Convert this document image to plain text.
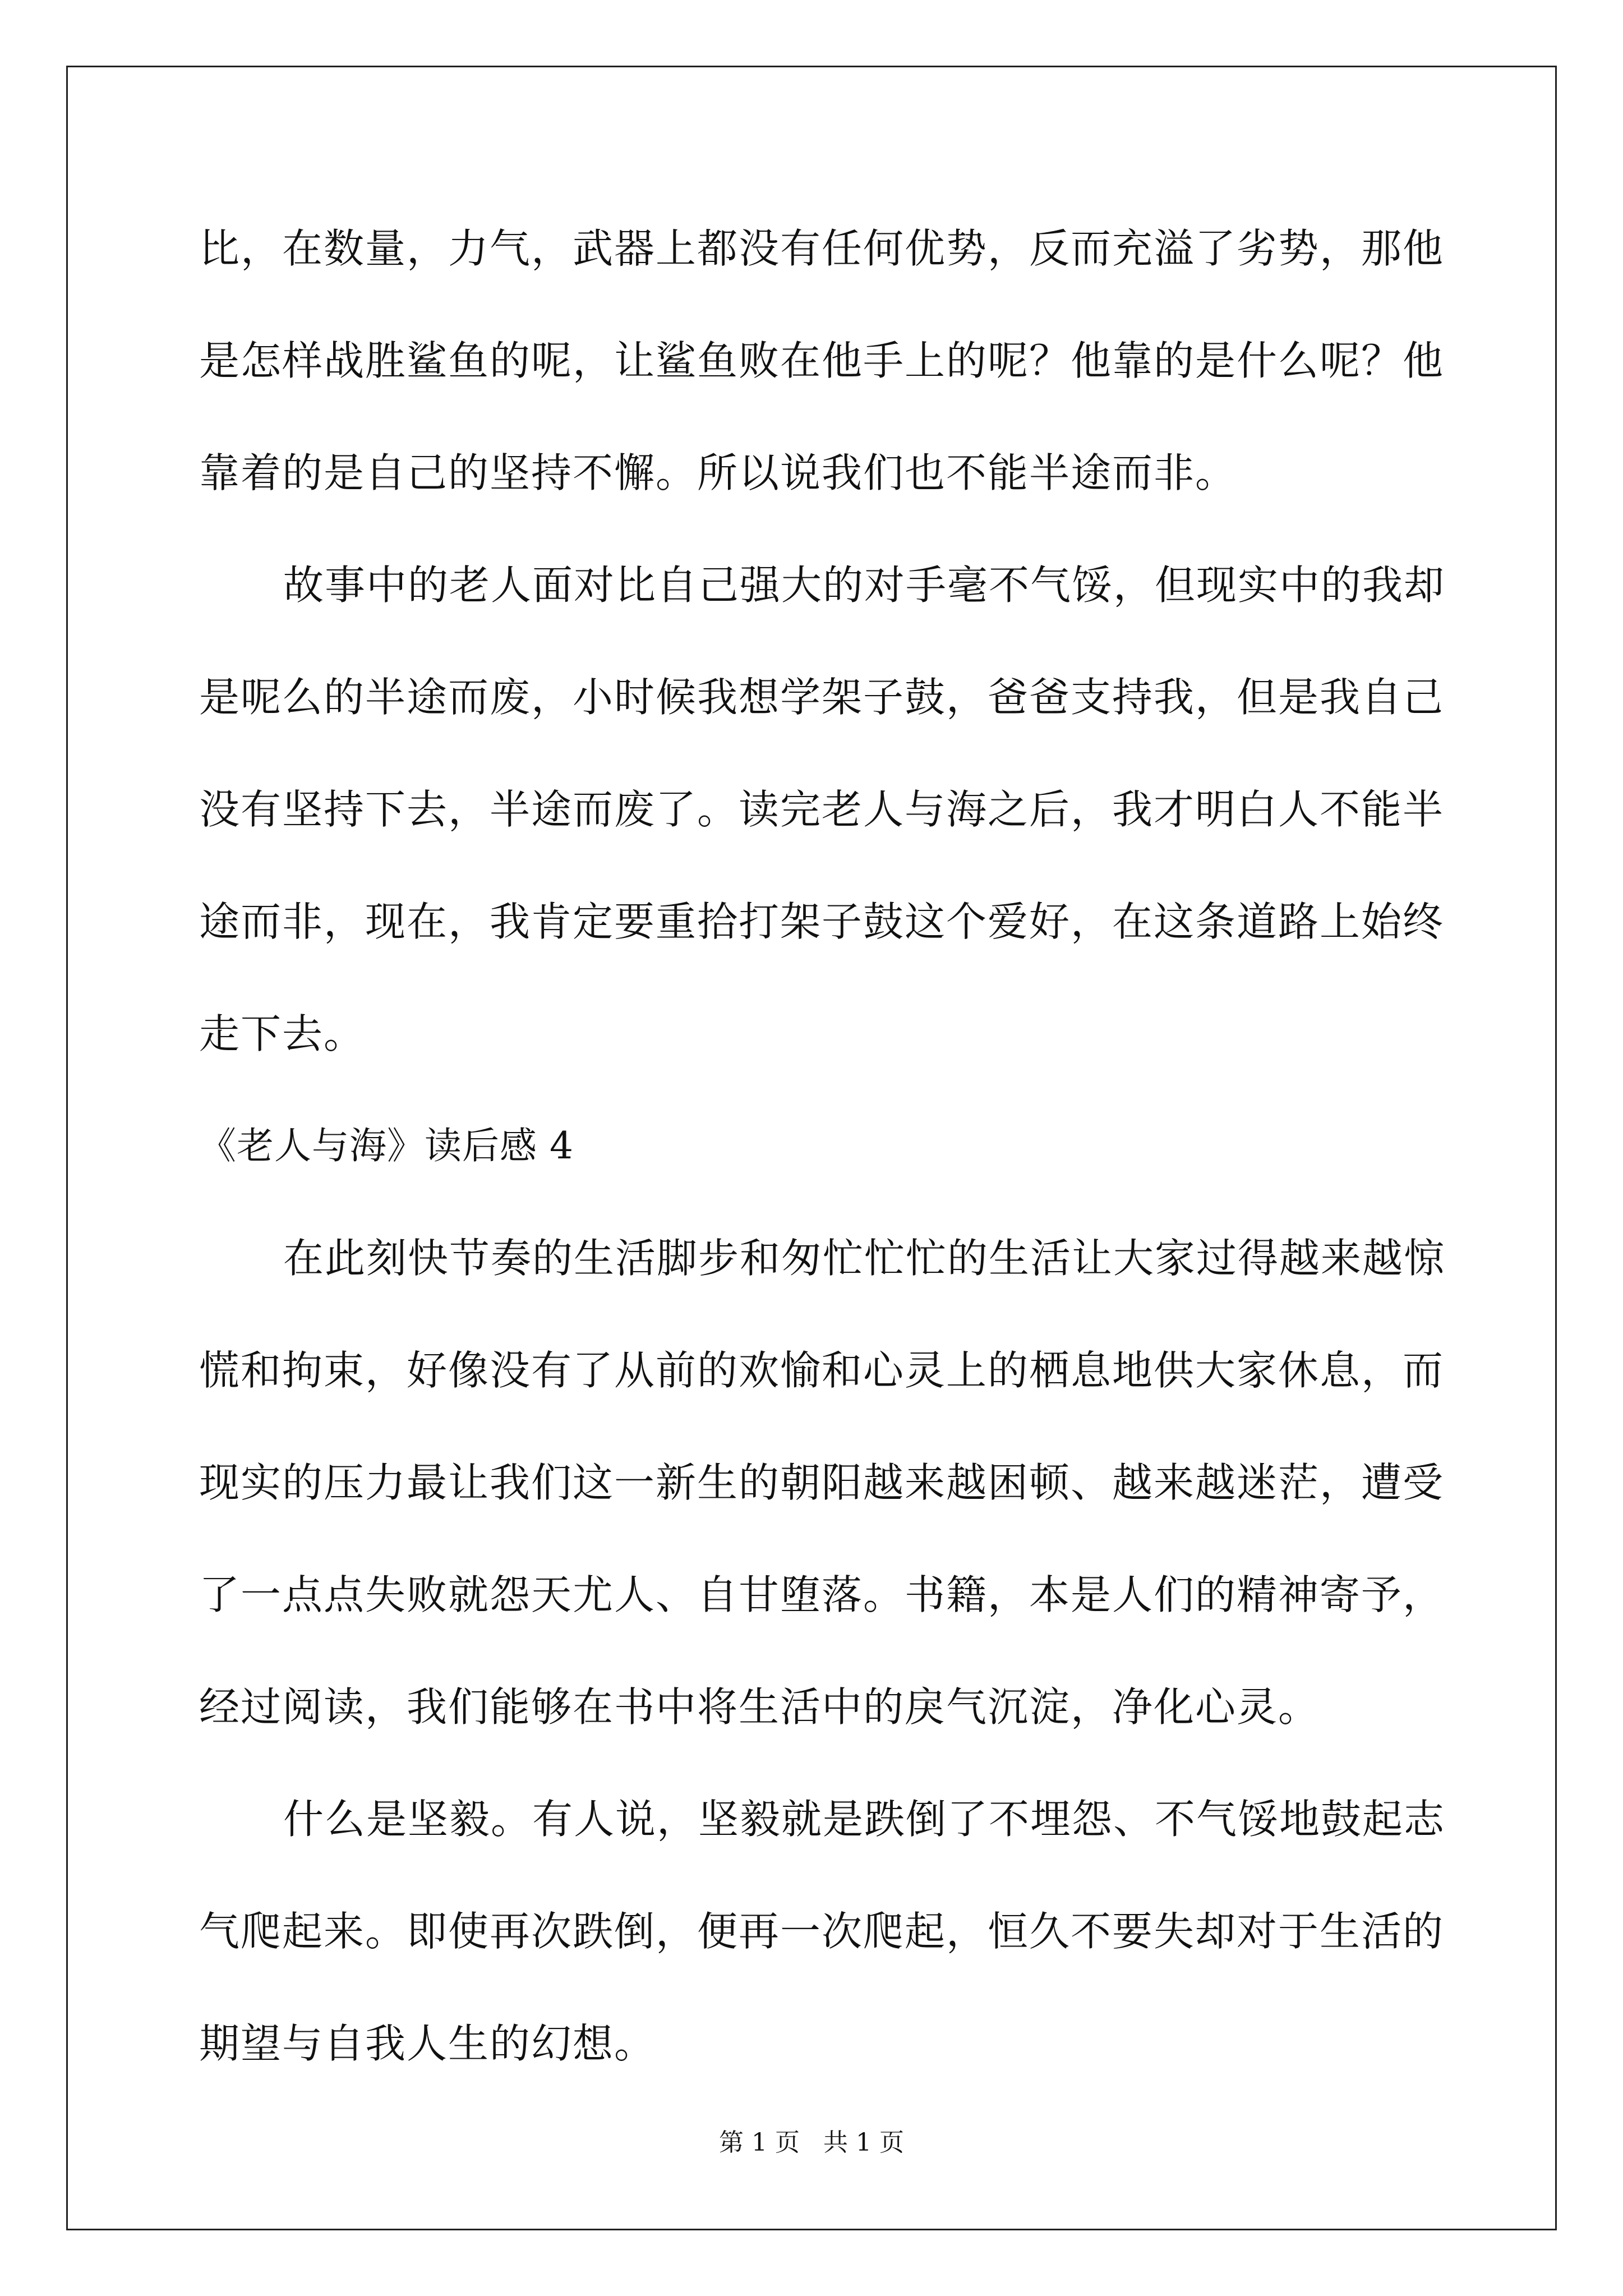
比，在数量，力气，武器上都没有任何优势，反而充溢了劣势，那他
是怎样战胜鲨鱼的呢，让鲨鱼败在他手上的呢？他靠的是什么呢？他
靠着的是自己的坚持不懈。所以说我们也不能半途而非。
故事中的老人面对比自己强大的对手毫不气馁，但现实中的我却
是呢么的半途而废，小时候我想学架子鼓，爸爸支持我，但是我自己
没有坚持下去，半途而废了。读完老人与海之后，我才明白人不能半
途而非，现在，我肯定要重拾打架子鼓这个爱好，在这条道路上始终
走下去。
《老人与海》读后感 4
在此刻快节奏的生活脚步和匆忙忙忙的生活让大家过得越来越惊
慌和拘束，好像没有了从前的欢愉和心灵上的栖息地供大家休息，而
现实的压力最让我们这一新生的朝阳越来越困顿、越来越迷茫，遭受
了一点点失败就怨天尤人、自甘堕落。书籍，本是人们的精神寄予，
经过阅读，我们能够在书中将生活中的戾气沉淀，净化心灵。
什么是坚毅。有人说，坚毅就是跌倒了不埋怨、不气馁地鼓起志
气爬起来。即使再次跌倒，便再一次爬起，恒久不要失却对于生活的
期望与自我人生的幻想。
第 1 页 共 1 页
